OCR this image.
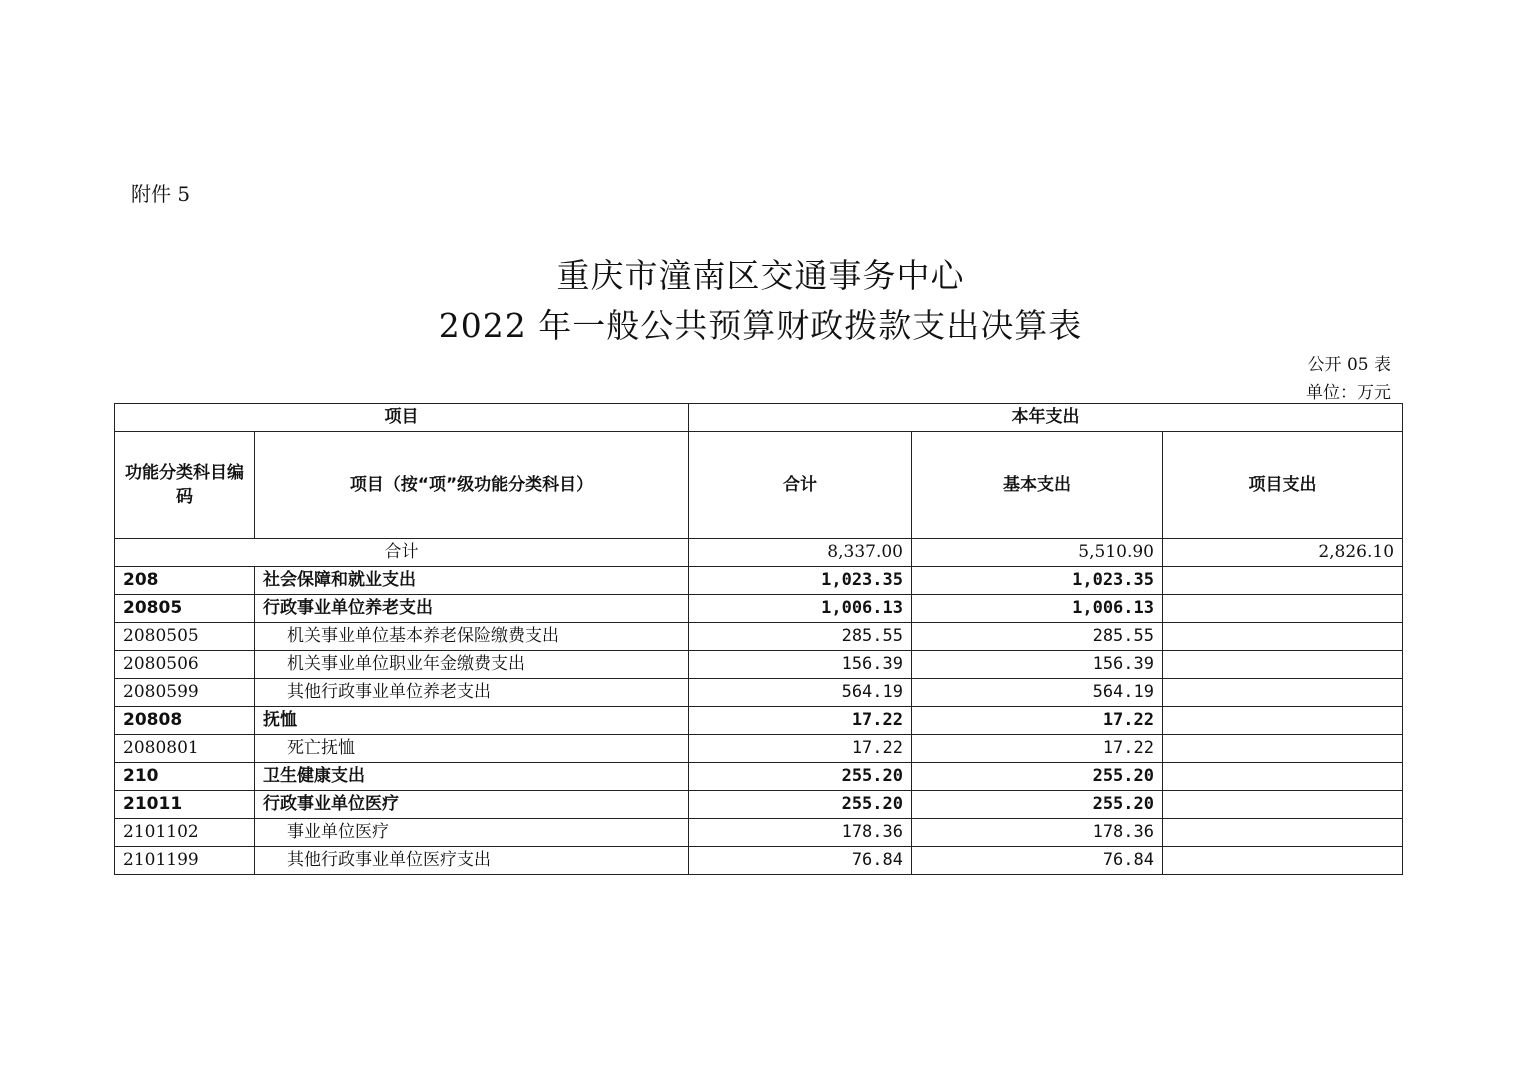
附件 5
重庆市潼南区交通事务中心
2022 年一般公共预算财政拨款支出决算表
公开 05 表
单位：万元
项目		本年支出		
功能分类科目编码	项目（按“项”级功能分类科目）	合计	基本支出	项目支出
合计		8,337.00	5,510.90	2,826.10
208	社会保障和就业支出	1,023.35	1,023.35	
20805	行政事业单位养老支出	1,006.13	1,006.13	
2080505	机关事业单位基本养老保险缴费支出	285.55	285.55	
2080506	机关事业单位职业年金缴费支出	156.39	156.39	
2080599	其他行政事业单位养老支出	564.19	564.19	
20808	抚恤	17.22	17.22	
2080801	死亡抚恤	17.22	17.22	
210	卫生健康支出	255.20	255.20	
21011	行政事业单位医疗	255.20	255.20	
2101102	事业单位医疗	178.36	178.36	
2101199	其他行政事业单位医疗支出	76.84	76.84	
